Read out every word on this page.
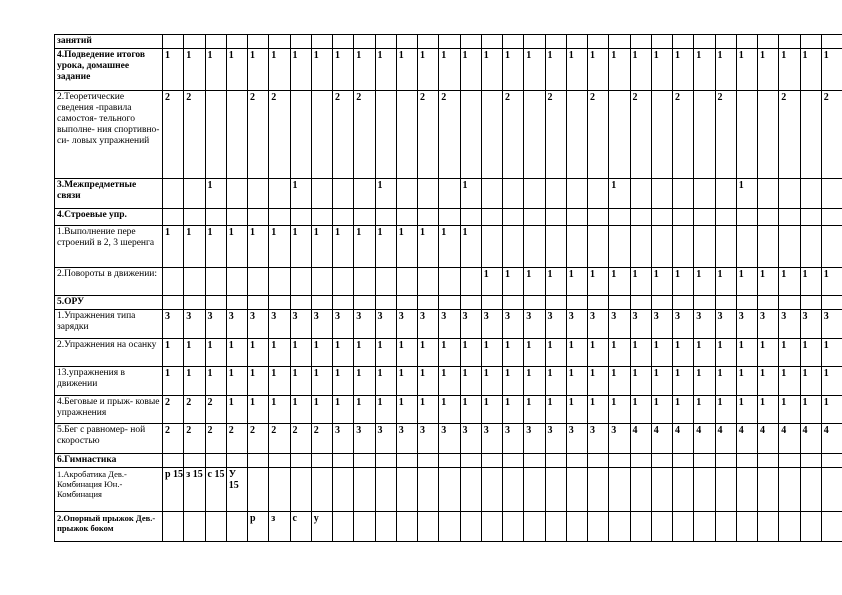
занятий																																
4.Подведение итогов урока, домашнее задание	1	1	1	1	1	1	1	1	1	1	1	1	1	1	1	1	1	1	1	1	1	1	1	1	1	1	1	1	1	1	1	1
2.Теоретические сведения -правила самостоя- тельного выполне- ния спортивно-си- ловых упражнений	2	2			2	2			2	2			2	2			2		2		2		2		2		2			2		2
3.Межпредметные связи			1				1				1				1							1						1				
4.Строевые упр.																																
1.Выполнение пере строений в 2, 3 шеренга	1	1	1	1	1	1	1	1	1	1	1	1	1	1	1																	
2.Повороты в движении:																1	1	1	1	1	1	1	1	1	1	1	1	1	1	1	1	1
5.ОРУ																																
1.Упражнения типа зарядки	3	3	3	3	3	3	3	3	3	3	3	3	3	3	3	3	3	3	3	3	3	3	3	3	3	3	3	3	3	3	3	3
2.Упражнения на осанку	1	1	1	1	1	1	1	1	1	1	1	1	1	1	1	1	1	1	1	1	1	1	1	1	1	1	1	1	1	1	1	1
13.упражнения в движении	1	1	1	1	1	1	1	1	1	1	1	1	1	1	1	1	1	1	1	1	1	1	1	1	1	1	1	1	1	1	1	1
4.Беговые и прыж- ковые упражнения	2	2	2	1	1	1	1	1	1	1	1	1	1	1	1	1	1	1	1	1	1	1	1	1	1	1	1	1	1	1	1	1
5.Бег с равномер- ной скоростью	2	2	2	2	2	2	2	2	3	3	3	3	3	3	3	3	3	3	3	3	3	3	4	4	4	4	4	4	4	4	4	4
6.Гимнастика																																
1.Акробатика Дев.- Комбинация Юн.-Комбинация	р 15	з 15	с 15	У 15																												
2.Опорный прыжок Дев.- прыжок боком					р	з	с	у																								
